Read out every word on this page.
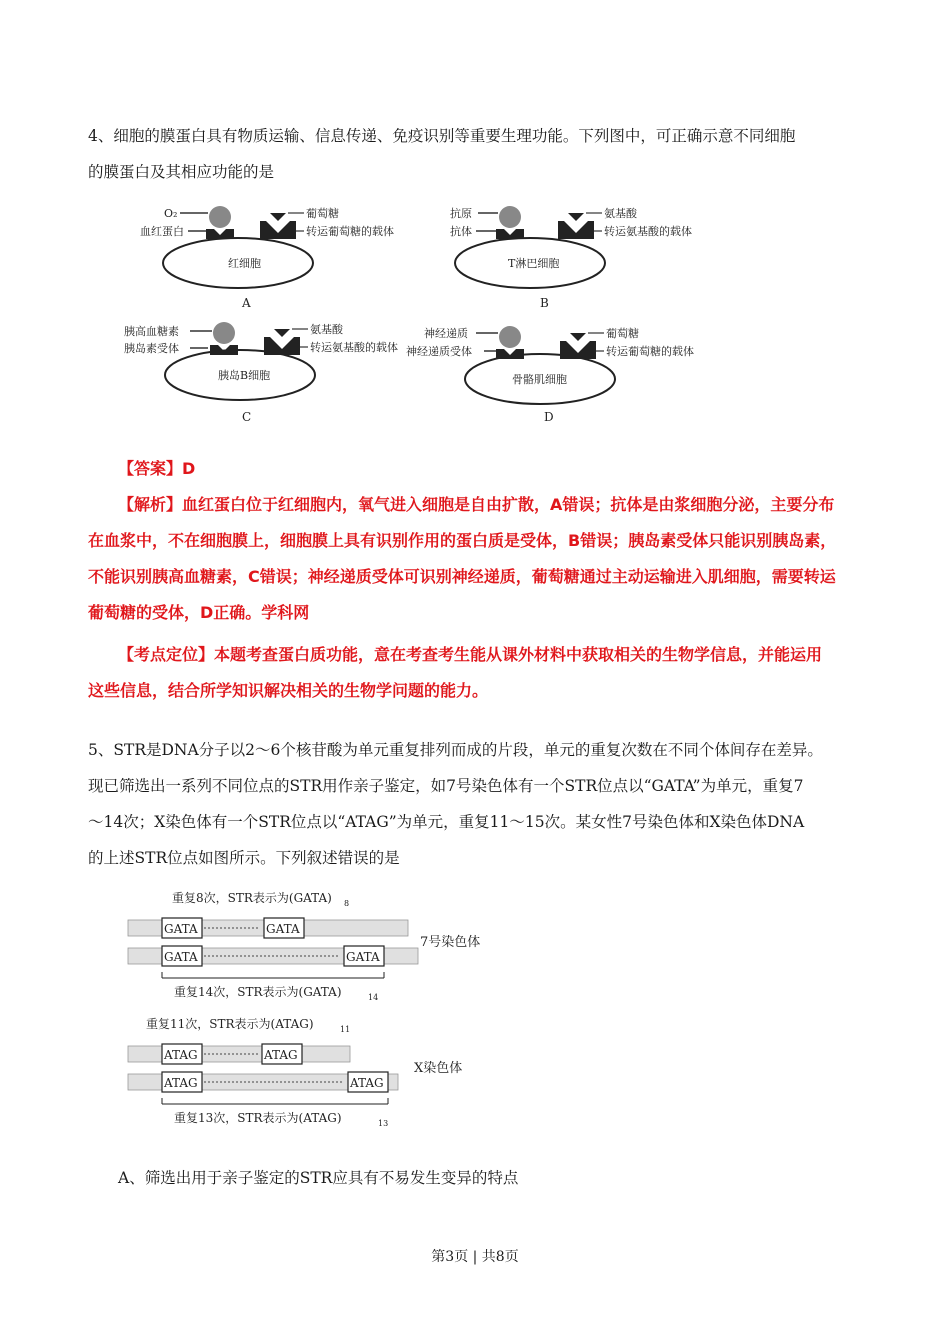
4、细胞的膜蛋白具有物质运输、信息传递、免疫识别等重要生理功能。下列图中，可正确示意不同细胞
的膜蛋白及其相应功能的是
O₂
血红蛋白
葡萄糖
转运葡萄糖的载体
红细胞
A
抗原
抗体
氨基酸
转运氨基酸的载体
T淋巴细胞
B
胰高血糖素
胰岛素受体
氨基酸
转运氨基酸的载体
胰岛B细胞
C
神经递质
神经递质受体
葡萄糖
转运葡萄糖的载体
骨骼肌细胞
D
【答案】D
【解析】血红蛋白位于红细胞内，氧气进入细胞是自由扩散，A错误；抗体是由浆细胞分泌，主要分布
在血浆中，不在细胞膜上，细胞膜上具有识别作用的蛋白质是受体，B错误；胰岛素受体只能识别胰岛素，
不能识别胰高血糖素，C错误；神经递质受体可识别神经递质，葡萄糖通过主动运输进入肌细胞，需要转运
葡萄糖的受体，D正确。学科网
【考点定位】本题考查蛋白质功能，意在考查考生能从课外材料中获取相关的生物学信息，并能运用
这些信息，结合所学知识解决相关的生物学问题的能力。
5、STR是DNA分子以2～6个核苷酸为单元重复排列而成的片段，单元的重复次数在不同个体间存在差异。
现已筛选出一系列不同位点的STR用作亲子鉴定，如7号染色体有一个STR位点以“GATA”为单元，重复7
～14次；X染色体有一个STR位点以“ATAG”为单元，重复11～15次。某女性7号染色体和X染色体DNA
的上述STR位点如图所示。下列叙述错误的是
重复8次，STR表示为(GATA) 8
GATA	GATA
GATA	GATA
7号染色体
重复14次，STR表示为(GATA)	14
重复11次，STR表示为(ATAG)	11
ATAG	ATAG
ATAG	ATAG
X染色体
重复13次，STR表示为(ATAG)	13
A、筛选出用于亲子鉴定的STR应具有不易发生变异的特点
第3页 | 共8页
